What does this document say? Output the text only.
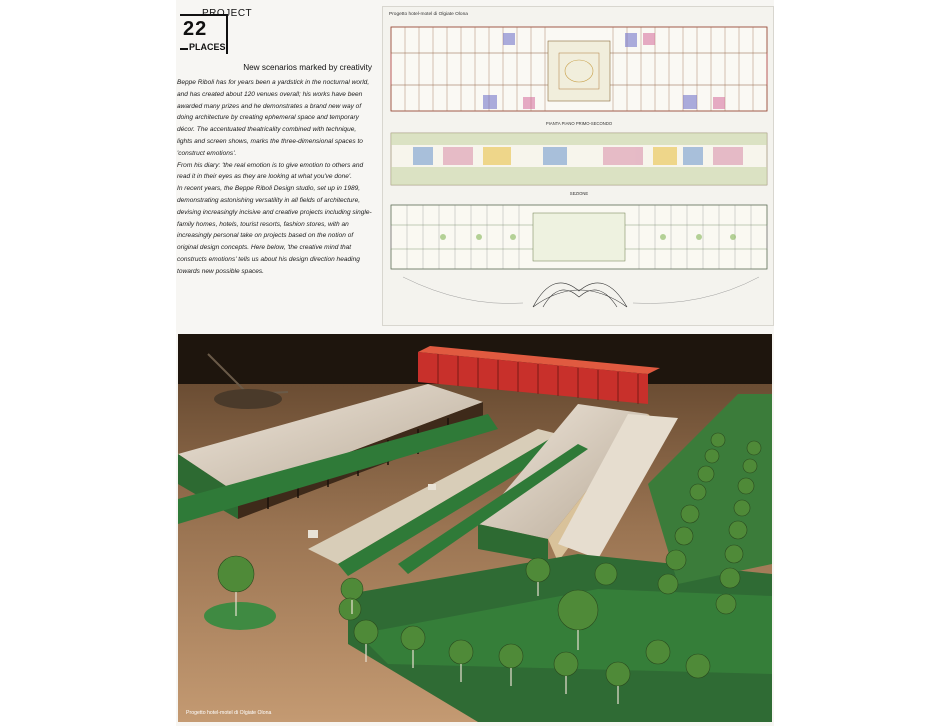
PROJECT
22
PLACES

New scenarios marked by creativity

Beppe Riboli has for years been a yardstick in the nocturnal world, and has created about 120 venues overall; his works have been awarded many prizes and he demonstrates a brand new way of doing architecture by creating ephemeral space and temporary décor. The accentuated theatricality combined with technique, lights and screen shows, marks the three-dimensional spaces to 'construct emotions'.

From his diary: 'the real emotion is to give emotion to others and read it in their eyes as they are looking at what you've done'.

In recent years, the Beppe Riboli Design studio, set up in 1989, demonstrating astonishing versatility in all fields of architecture, devising increasingly incisive and creative projects including single-family homes, hotels, tourist resorts, fashion stores, with an increasingly personal take on projects based on the notion of original design concepts. Here below, 'the creative mind that constructs emotions' tells us about his design direction heading towards new possible spaces.

Progetto hotel-motel di Olgiate Olona
PIANTA PIANO PRIMO-SECONDO
SEZIONE
Progetto hotel-motel di Olgiate Olona
